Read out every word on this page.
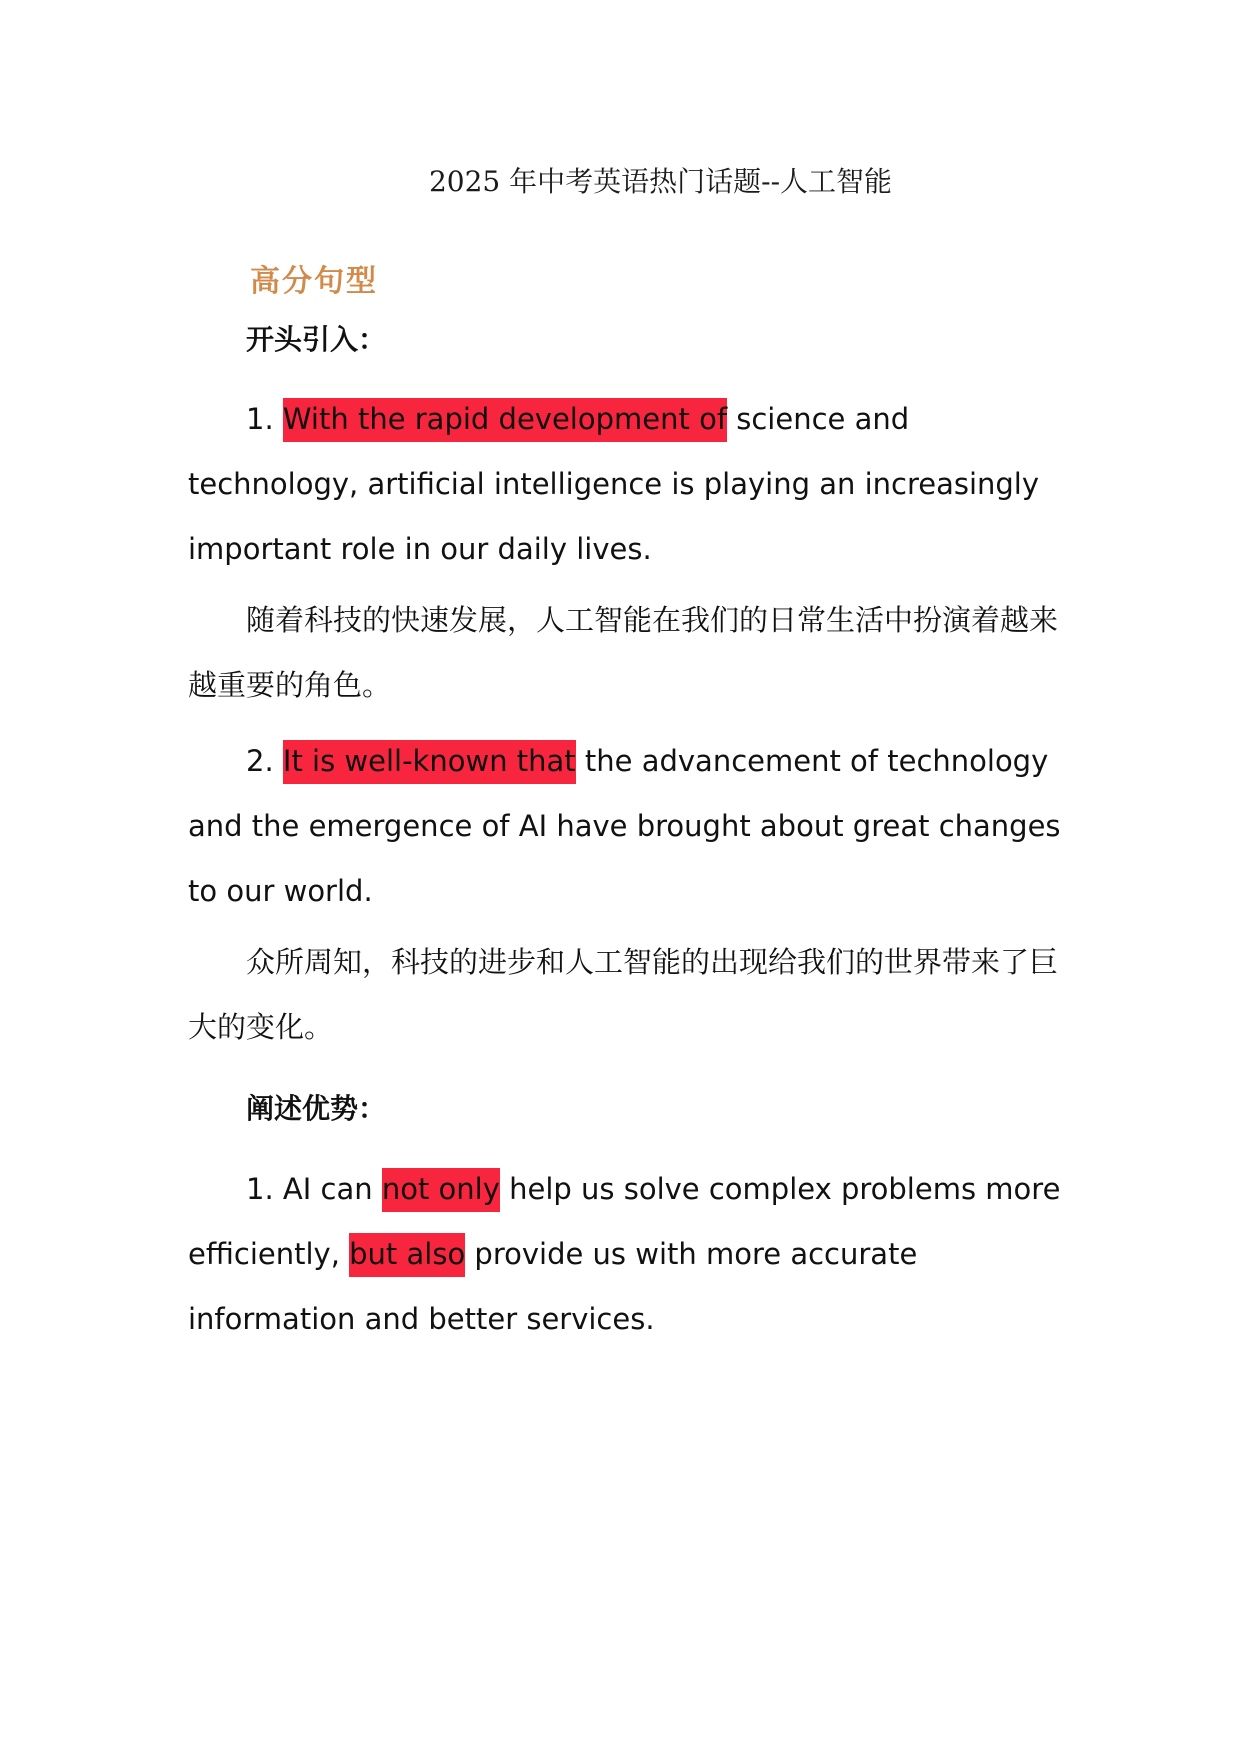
2025 年中考英语热门话题--人工智能
高分句型
开头引入：

1. With the rapid development of science and technology, artificial intelligence is playing an increasingly important role in our daily lives.

随着科技的快速发展，人工智能在我们的日常生活中扮演着越来越重要的角色。

2. It is well-known that the advancement of technology and the emergence of AI have brought about great changes to our world.

众所周知，科技的进步和人工智能的出现给我们的世界带来了巨大的变化。

阐述优势：

1. AI can not only help us solve complex problems more efficiently, but also provide us with more accurate information and better services.
